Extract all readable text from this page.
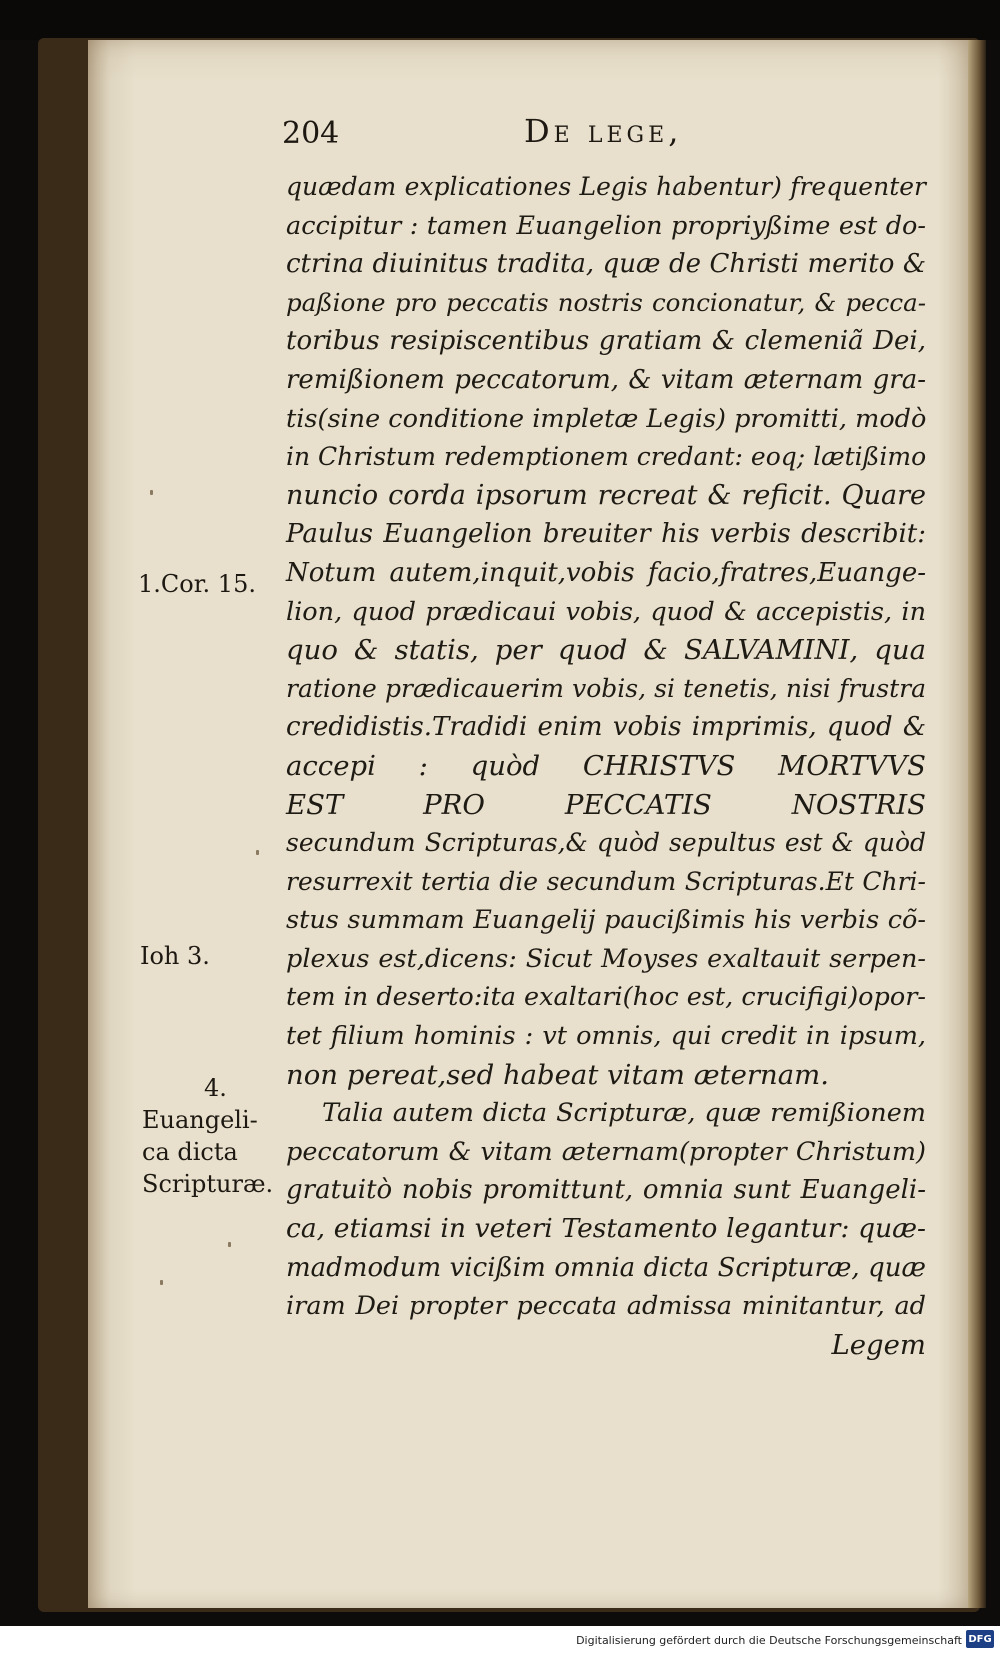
204	De lege,
quædam explicationes Legis habentur) frequenter
accipitur : tamen Euangelion propriyßime est do-
ctrina diuinitus tradita, quæ de Christi merito &
paßione pro peccatis nostris concionatur, & pecca-
toribus resipiscentibus gratiam & clemeniã Dei,
remißionem peccatorum, & vitam æternam gra-
tis(sine conditione impletæ Legis) promitti, modò
in Christum redemptionem credant: eoq; lætißimo
nuncio corda ipsorum recreat & reficit. Quare
Paulus Euangelion breuiter his verbis describit:
Notum autem,inquit,vobis facio,fratres,Euange-
lion, quod prædicaui vobis, quod & accepistis, in
quo & statis, per quod & SALVAMINI, qua
ratione prædicauerim vobis, si tenetis, nisi frustra
credidistis.Tradidi enim vobis imprimis, quod &
accepi : quòd CHRISTVS MORTVVS
EST PRO PECCATIS NOSTRIS
secundum Scripturas,& quòd sepultus est & quòd
resurrexit tertia die secundum Scripturas.Et Chri-
stus summam Euangelij paucißimis his verbis cõ-
plexus est,dicens: Sicut Moyses exaltauit serpen-
tem in deserto:ita exaltari(hoc est, crucifigi)opor-
tet filium hominis : vt omnis, qui credit in ipsum,
non pereat,sed habeat vitam æternam.
Talia autem dicta Scripturæ, quæ remißionem
peccatorum & vitam æternam(propter Christum)
gratuitò nobis promittunt, omnia sunt Euangeli-
ca, etiamsi in veteri Testamento legantur: quæ-
madmodum vicißim omnia dicta Scripturæ, quæ
iram Dei propter peccata admissa minitantur, ad
Legem
1.Cor. 15.
Ioh 3.
4.
Euangeli-
ca dicta
Scripturæ.
Digitalisierung gefördert durch die Deutsche Forschungsgemeinschaft DFG
